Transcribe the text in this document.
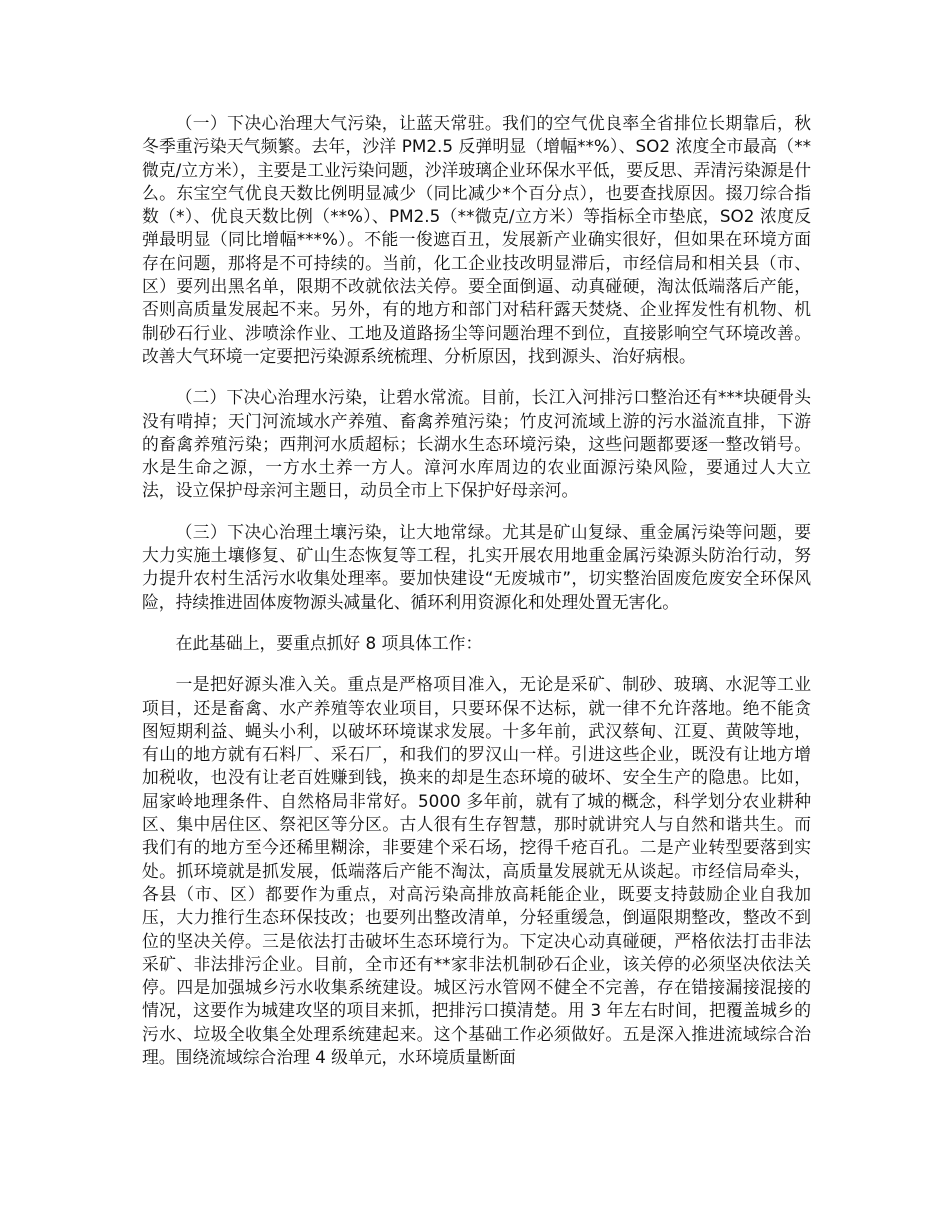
（一）下决心治理大气污染，让蓝天常驻。我们的空气优良率全省排位长期靠后，秋冬季重污染天气频繁。去年，沙洋 PM2.5 反弹明显（增幅**%）、SO2 浓度全市最高（**微克/立方米），主要是工业污染问题，沙洋玻璃企业环保水平低，要反思、弄清污染源是什么。东宝空气优良天数比例明显减少（同比减少*个百分点），也要查找原因。掇刀综合指数（*）、优良天数比例（**%）、PM2.5（**微克/立方米）等指标全市垫底，SO2 浓度反弹最明显（同比增幅***%）。不能一俊遮百丑，发展新产业确实很好，但如果在环境方面存在问题，那将是不可持续的。当前，化工企业技改明显滞后，市经信局和相关县（市、区）要列出黑名单，限期不改就依法关停。要全面倒逼、动真碰硬，淘汰低端落后产能，否则高质量发展起不来。另外，有的地方和部门对秸秆露天焚烧、企业挥发性有机物、机制砂石行业、涉喷涂作业、工地及道路扬尘等问题治理不到位，直接影响空气环境改善。改善大气环境一定要把污染源系统梳理、分析原因，找到源头、治好病根。

（二）下决心治理水污染，让碧水常流。目前，长江入河排污口整治还有***块硬骨头没有啃掉；天门河流域水产养殖、畜禽养殖污染；竹皮河流域上游的污水溢流直排，下游的畜禽养殖污染；西荆河水质超标；长湖水生态环境污染，这些问题都要逐一整改销号。水是生命之源，一方水土养一方人。漳河水库周边的农业面源污染风险，要通过人大立法，设立保护母亲河主题日，动员全市上下保护好母亲河。

（三）下决心治理土壤污染，让大地常绿。尤其是矿山复绿、重金属污染等问题，要大力实施土壤修复、矿山生态恢复等工程，扎实开展农用地重金属污染源头防治行动，努力提升农村生活污水收集处理率。要加快建设“无废城市”，切实整治固废危废安全环保风险，持续推进固体废物源头减量化、循环利用资源化和处理处置无害化。

在此基础上，要重点抓好 8 项具体工作：

一是把好源头准入关。重点是严格项目准入，无论是采矿、制砂、玻璃、水泥等工业项目，还是畜禽、水产养殖等农业项目，只要环保不达标，就一律不允许落地。绝不能贪图短期利益、蝇头小利，以破坏环境谋求发展。十多年前，武汉蔡甸、江夏、黄陂等地，有山的地方就有石料厂、采石厂，和我们的罗汉山一样。引进这些企业，既没有让地方增加税收，也没有让老百姓赚到钱，换来的却是生态环境的破坏、安全生产的隐患。比如，屈家岭地理条件、自然格局非常好。5000 多年前，就有了城的概念，科学划分农业耕种区、集中居住区、祭祀区等分区。古人很有生存智慧，那时就讲究人与自然和谐共生。而我们有的地方至今还稀里糊涂，非要建个采石场，挖得千疮百孔。二是产业转型要落到实处。抓环境就是抓发展，低端落后产能不淘汰，高质量发展就无从谈起。市经信局牵头，各县（市、区）都要作为重点，对高污染高排放高耗能企业，既要支持鼓励企业自我加压，大力推行生态环保技改；也要列出整改清单，分轻重缓急，倒逼限期整改，整改不到位的坚决关停。三是依法打击破坏生态环境行为。下定决心动真碰硬，严格依法打击非法采矿、非法排污企业。目前，全市还有**家非法机制砂石企业，该关停的必须坚决依法关停。四是加强城乡污水收集系统建设。城区污水管网不健全不完善，存在错接漏接混接的情况，这要作为城建攻坚的项目来抓，把排污口摸清楚。用 3 年左右时间，把覆盖城乡的污水、垃圾全收集全处理系统建起来。这个基础工作必须做好。五是深入推进流域综合治理。围绕流域综合治理 4 级单元，水环境质量断面
